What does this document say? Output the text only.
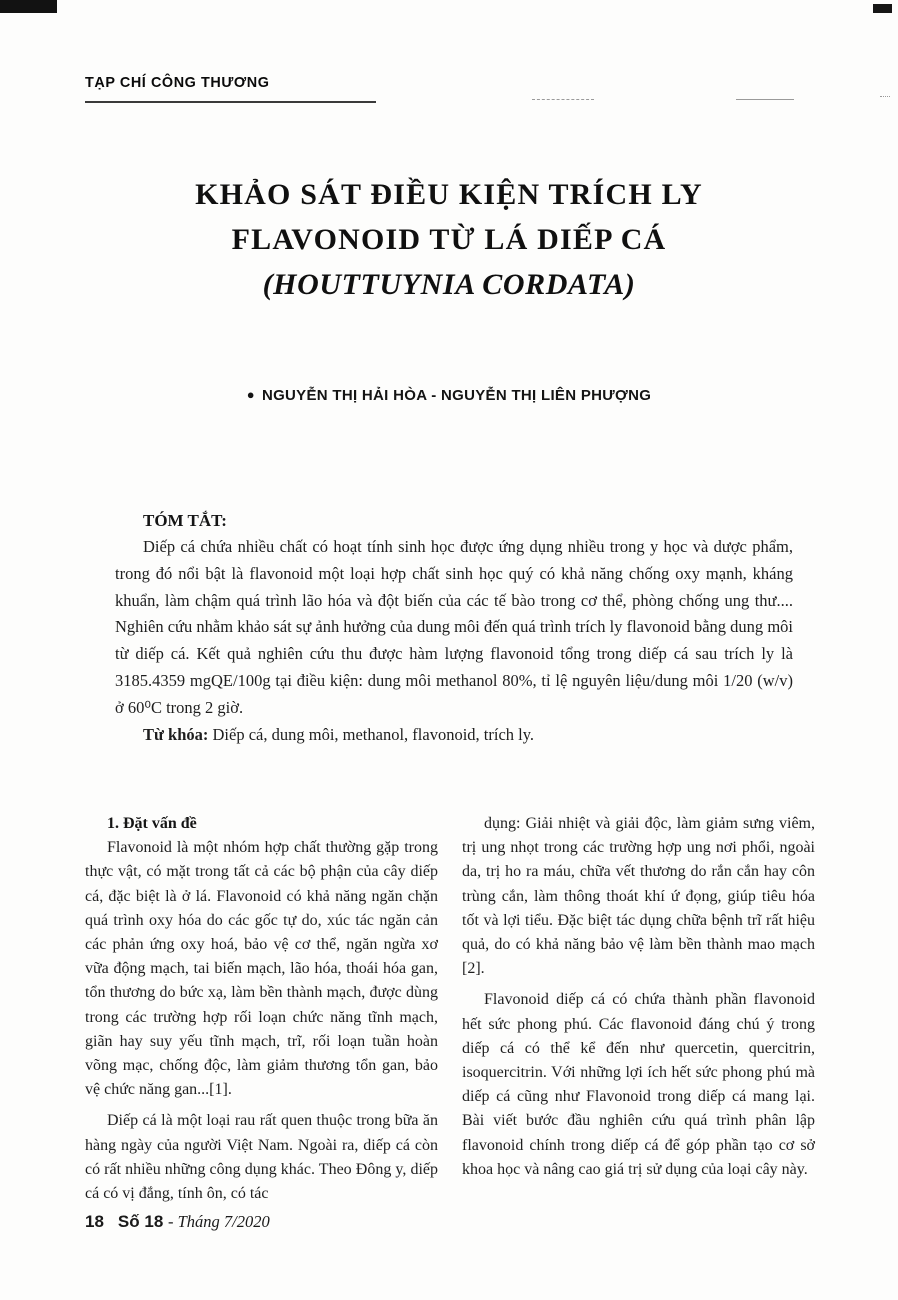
TẠP CHÍ CÔNG THƯƠNG
KHẢO SÁT ĐIỀU KIỆN TRÍCH LY
FLAVONOID TỪ LÁ DIẾP CÁ
(HOUTTUYNIA CORDATA)
● NGUYỄN THỊ HẢI HÒA - NGUYỄN THỊ LIÊN PHƯỢNG

TÓM TẮT:

Diếp cá chứa nhiều chất có hoạt tính sinh học được ứng dụng nhiều trong y học và dược phẩm, trong đó nổi bật là flavonoid một loại hợp chất sinh học quý có khả năng chống oxy mạnh, kháng khuẩn, làm chậm quá trình lão hóa và đột biến của các tế bào trong cơ thể, phòng chống ung thư.... Nghiên cứu nhằm khảo sát sự ảnh hưởng của dung môi đến quá trình trích ly flavonoid bằng dung môi từ diếp cá. Kết quả nghiên cứu thu được hàm lượng flavonoid tổng trong diếp cá sau trích ly là 3185.4359 mgQE/100g tại điều kiện: dung môi methanol 80%, tỉ lệ nguyên liệu/dung môi 1/20 (w/v) ở 60⁰C trong 2 giờ.

Từ khóa: Diếp cá, dung môi, methanol, flavonoid, trích ly.

1. Đặt vấn đề

Flavonoid là một nhóm hợp chất thường gặp trong thực vật, có mặt trong tất cả các bộ phận của cây diếp cá, đặc biệt là ở lá. Flavonoid có khả năng ngăn chặn quá trình oxy hóa do các gốc tự do, xúc tác ngăn cản các phản ứng oxy hoá, bảo vệ cơ thể, ngăn ngừa xơ vữa động mạch, tai biến mạch, lão hóa, thoái hóa gan, tổn thương do bức xạ, làm bền thành mạch, được dùng trong các trường hợp rối loạn chức năng tĩnh mạch, giãn hay suy yếu tĩnh mạch, trĩ, rối loạn tuần hoàn võng mạc, chống độc, làm giảm thương tổn gan, bảo vệ chức năng gan...[1].

Diếp cá là một loại rau rất quen thuộc trong bữa ăn hàng ngày của người Việt Nam. Ngoài ra, diếp cá còn có rất nhiều những công dụng khác. Theo Đông y, diếp cá có vị đắng, tính ôn, có tác

dụng: Giải nhiệt và giải độc, làm giảm sưng viêm, trị ung nhọt trong các trường hợp ung nơi phổi, ngoài da, trị ho ra máu, chữa vết thương do rắn cắn hay côn trùng cắn, làm thông thoát khí ứ đọng, giúp tiêu hóa tốt và lợi tiểu. Đặc biệt tác dụng chữa bệnh trĩ rất hiệu quả, do có khả năng bảo vệ làm bền thành mao mạch [2].

Flavonoid diếp cá có chứa thành phần flavonoid hết sức phong phú. Các flavonoid đáng chú ý trong diếp cá có thể kể đến như quercetin, quercitrin, isoquercitrin. Với những lợi ích hết sức phong phú mà diếp cá cũng như Flavonoid trong diếp cá mang lại. Bài viết bước đầu nghiên cứu quá trình phân lập flavonoid chính trong diếp cá để góp phần tạo cơ sở khoa học và nâng cao giá trị sử dụng của loại cây này.

18 Số 18 - Tháng 7/2020
